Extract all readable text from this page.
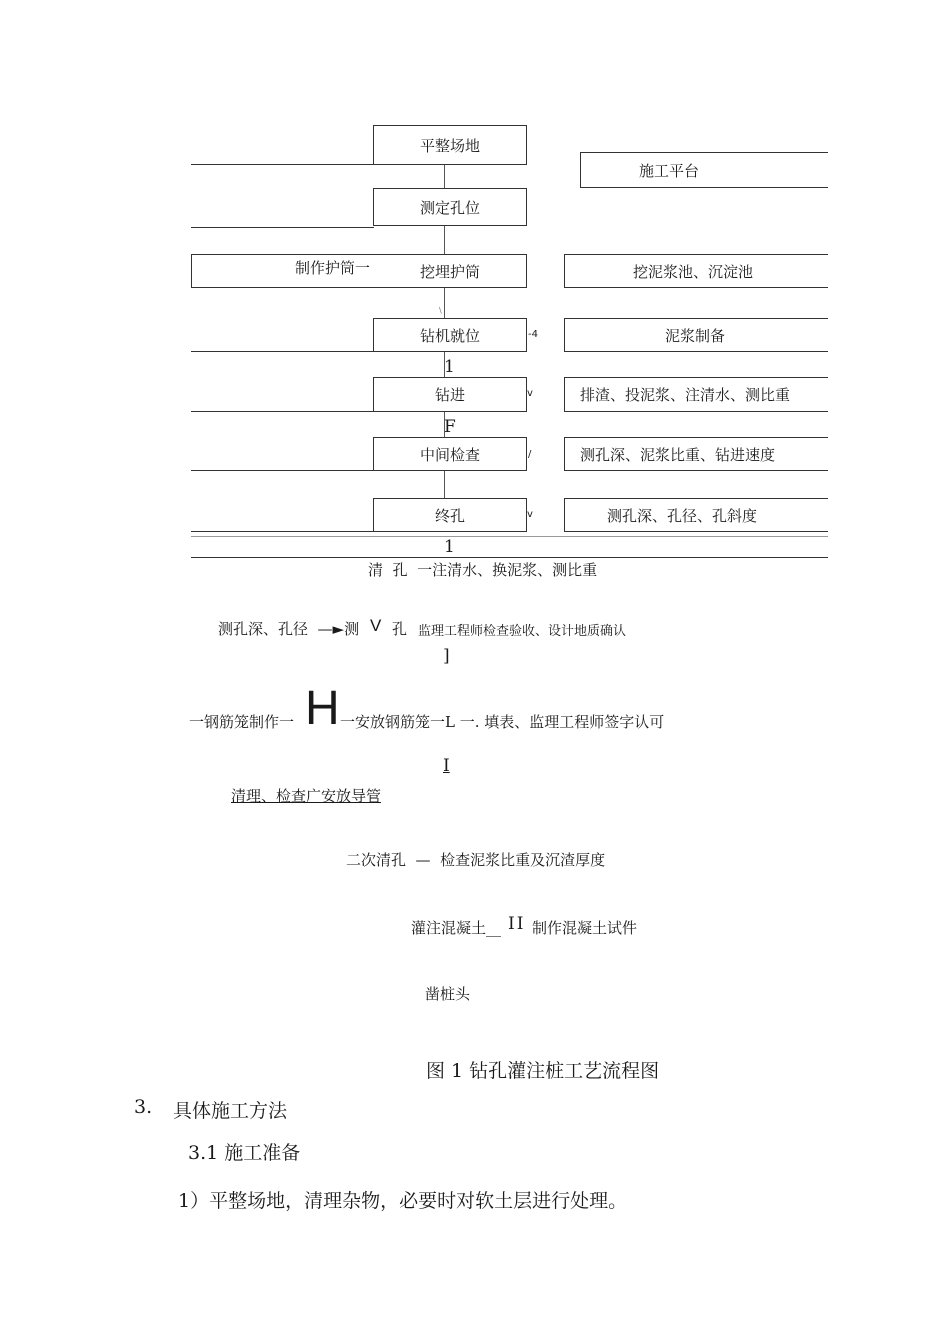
平整场地
测定孔位
挖埋护筒
钻机就位
钻进
中间检查
终孔
制作护筒一
施工平台
挖泥浆池、沉淀池
泥浆制备
排渣、投泥浆、注清水、测比重
测孔深、泥浆比重、钻进速度
测孔深、孔径、孔斜度
-4
v
/
v
\
1
F
1
清  孔  一注清水、换泥浆、测比重
测孔深、孔径  —►测 V 孔 监理工程师检查验收、设计地质确认
]
一钢筋笼制作一 H 一安放钢筋笼一L 一. 填表、监理工程师签字认可
I
清理、检查广安放导管
二次清孔  —  检查泥浆比重及沉渣厚度
灌注混凝土__ II 制作混凝土试件
凿桩头
图 1 钻孔灌注桩工艺流程图
3. 具体施工方法
3.1 施工准备
1）平整场地，清理杂物，必要时对软土层进行处理。
